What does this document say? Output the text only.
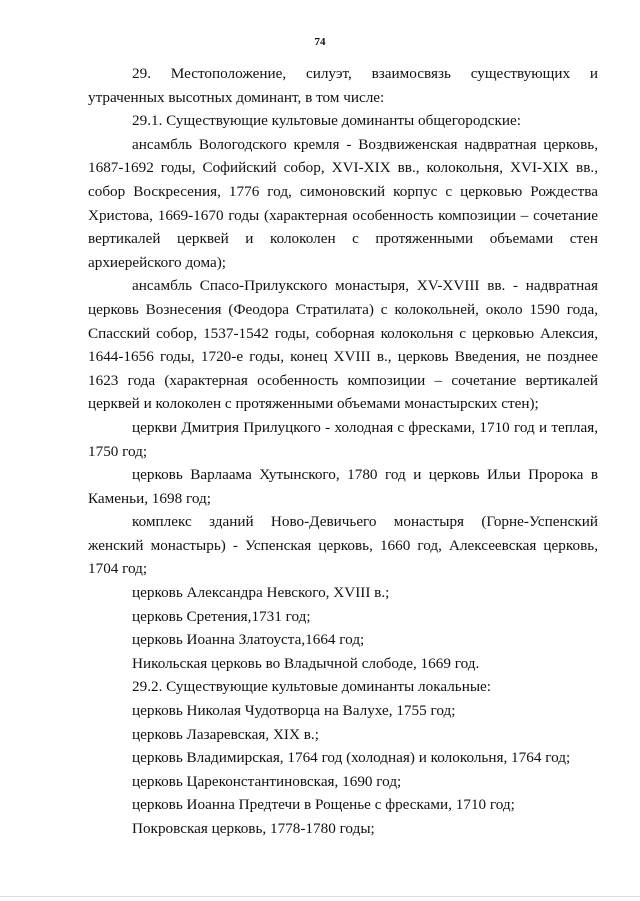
74

29. Местоположение, силуэт, взаимосвязь существующих и
утраченных высотных доминант, в том числе:

29.1. Существующие культовые доминанты общегородские:

ансамбль Вологодского кремля - Воздвиженская надвратная церковь,
1687-1692 годы, Софийский собор, XVI-XIX вв., колокольня, XVI-XIX вв.,
собор Воскресения, 1776 год, симоновский корпус с церковью Рождества
Христова, 1669-1670 годы (характерная особенность композиции – сочетание
вертикалей церквей и колоколен с протяженными объемами стен
архиерейского дома);

ансамбль Спасо-Прилукского монастыря, XV-XVIII вв. - надвратная
церковь Вознесения (Феодора Стратилата) с колокольней, около 1590 года,
Спасский собор, 1537-1542 годы, соборная колокольня с церковью Алексия,
1644-1656 годы, 1720-е годы, конец XVIII в., церковь Введения, не позднее
1623 года (характерная особенность композиции – сочетание вертикалей
церквей и колоколен с протяженными объемами монастырских стен);

церкви Дмитрия Прилуцкого - холодная с фресками, 1710 год и теплая,
1750 год;

церковь Варлаама Хутынского, 1780 год и церковь Ильи Пророка в
Каменьи, 1698 год;

комплекс зданий Ново-Девичьего монастыря (Горне-Успенский
женский монастырь) - Успенская церковь, 1660 год, Алексеевская церковь,
1704 год;

церковь Александра Невского, XVIII в.;

церковь Сретения,1731 год;

церковь Иоанна Златоуста,1664 год;

Никольская церковь во Владычной слободе, 1669 год.

29.2. Существующие культовые доминанты локальные:

церковь Николая Чудотворца на Валухе, 1755 год;

церковь Лазаревская, XIX в.;

церковь Владимирская, 1764 год (холодная) и колокольня, 1764 год;

церковь Цареконстантиновская, 1690 год;

церковь Иоанна Предтечи в Рощенье с фресками, 1710 год;

Покровская церковь, 1778-1780 годы;
